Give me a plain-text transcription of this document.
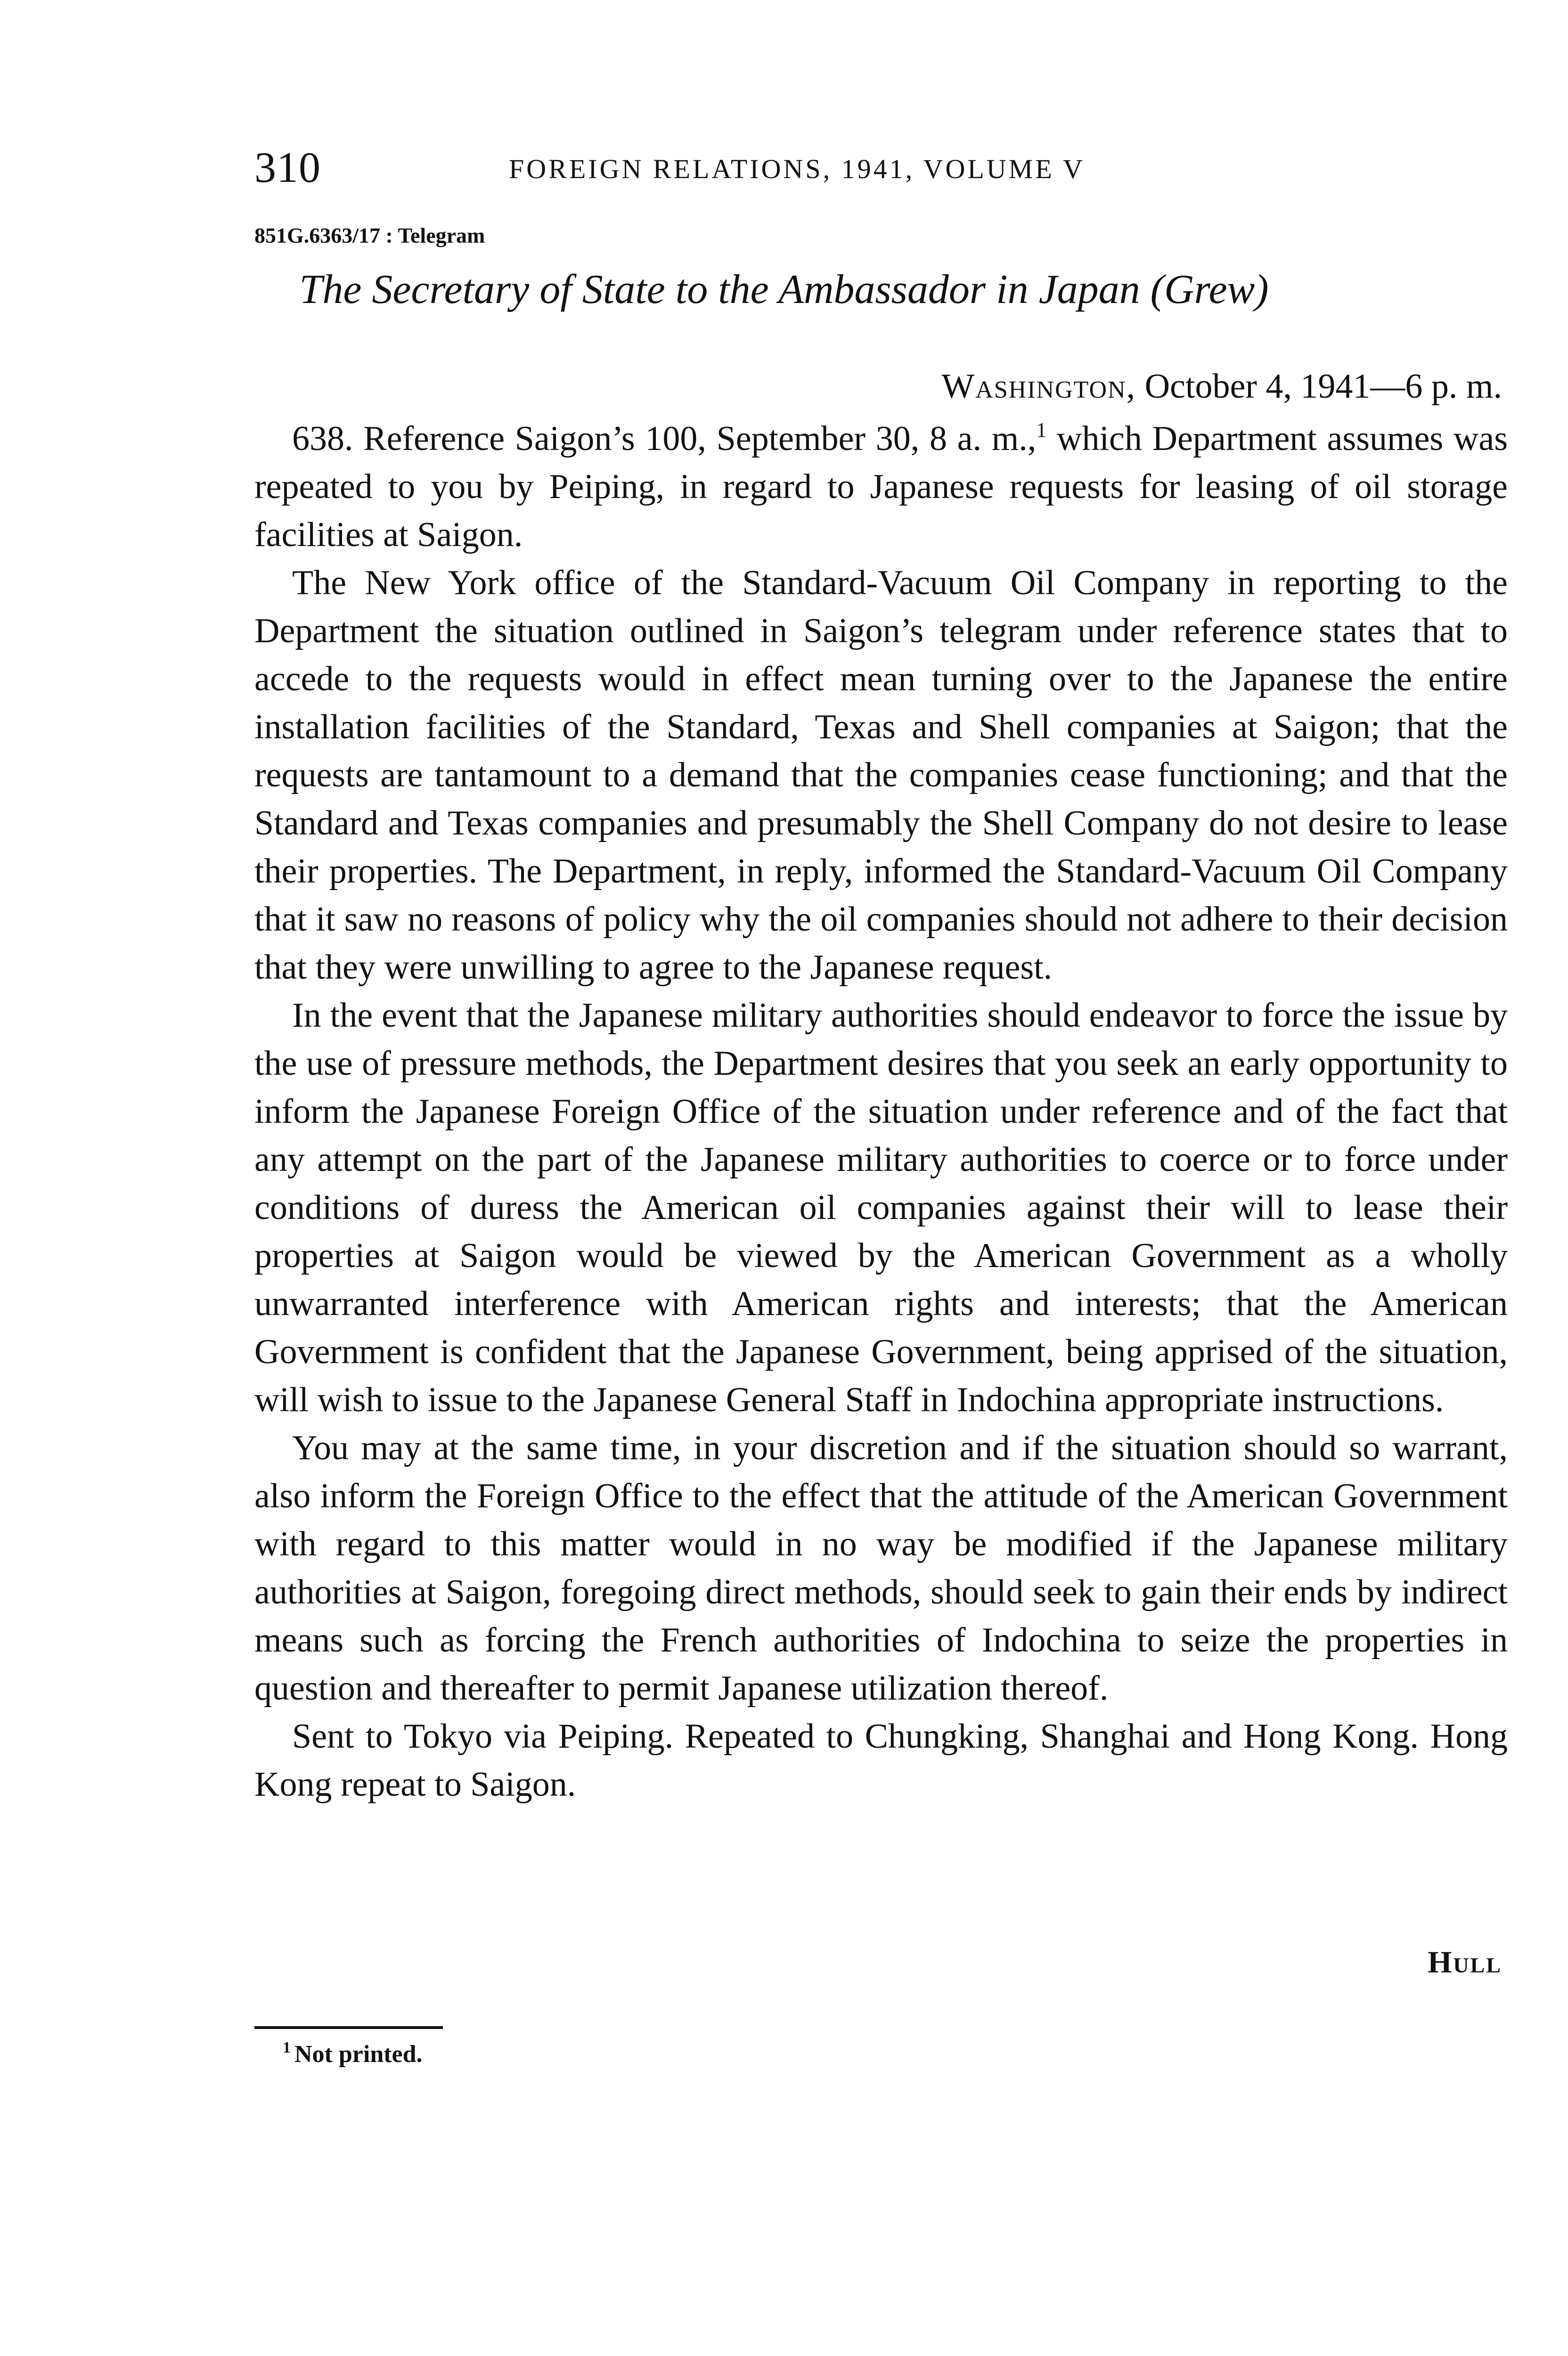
310	FOREIGN RELATIONS, 1941, VOLUME V
851G.6363/17 : Telegram
The Secretary of State to the Ambassador in Japan (Grew)
Washington, October 4, 1941—6 p. m.

638. Reference Saigon’s 100, September 30, 8 a. m.,$^1$ which Department assumes was repeated to you by Peiping, in regard to Japanese requests for leasing of oil storage facilities at Saigon.

The New York office of the Standard-Vacuum Oil Company in reporting to the Department the situation outlined in Saigon’s telegram under reference states that to accede to the requests would in effect mean turning over to the Japanese the entire installation facilities of the Standard, Texas and Shell companies at Saigon; that the requests are tantamount to a demand that the companies cease functioning; and that the Standard and Texas companies and presumably the Shell Company do not desire to lease their properties. The Department, in reply, informed the Standard-Vacuum Oil Company that it saw no reasons of policy why the oil companies should not adhere to their decision that they were unwilling to agree to the Japanese request.

In the event that the Japanese military authorities should endeavor to force the issue by the use of pressure methods, the Department desires that you seek an early opportunity to inform the Japanese Foreign Office of the situation under reference and of the fact that any attempt on the part of the Japanese military authorities to coerce or to force under conditions of duress the American oil companies against their will to lease their properties at Saigon would be viewed by the American Government as a wholly unwarranted interference with American rights and interests; that the American Government is confident that the Japanese Government, being apprised of the situation, will wish to issue to the Japanese General Staff in Indochina appropriate instructions.

You may at the same time, in your discretion and if the situation should so warrant, also inform the Foreign Office to the effect that the attitude of the American Government with regard to this matter would in no way be modified if the Japanese military authorities at Saigon, foregoing direct methods, should seek to gain their ends by indirect means such as forcing the French authorities of Indochina to seize the properties in question and thereafter to permit Japanese utilization thereof.

Sent to Tokyo via Peiping. Repeated to Chungking, Shanghai and Hong Kong. Hong Kong repeat to Saigon.

Hull
$^1$ Not printed.
